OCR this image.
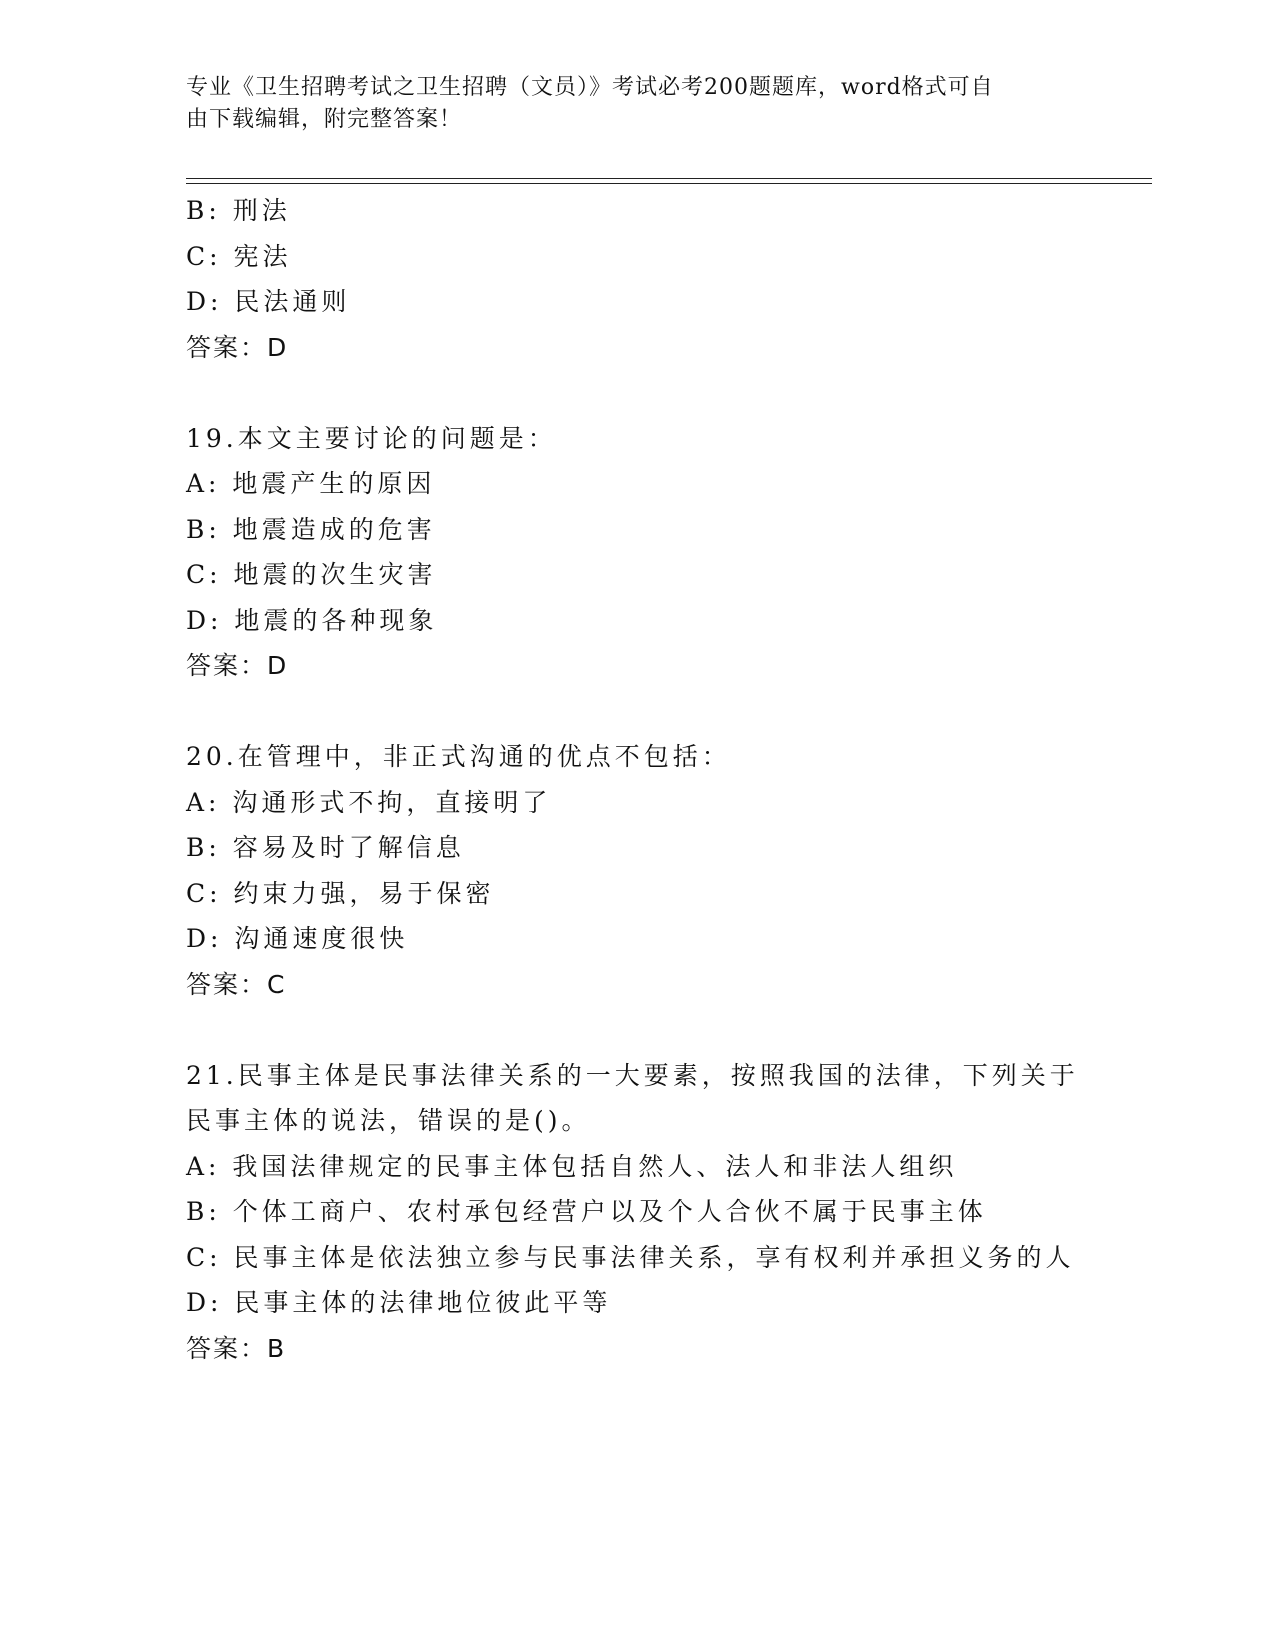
专业《卫生招聘考试之卫生招聘（文员）》考试必考200题题库，word格式可自
由下载编辑，附完整答案！
B: 刑法
C: 宪法
D: 民法通则
答案：D
19.本文主要讨论的问题是：
A: 地震产生的原因
B: 地震造成的危害
C: 地震的次生灾害
D: 地震的各种现象
答案：D
20.在管理中，非正式沟通的优点不包括：
A: 沟通形式不拘，直接明了
B: 容易及时了解信息
C: 约束力强，易于保密
D: 沟通速度很快
答案：C
21.民事主体是民事法律关系的一大要素，按照我国的法律，下列关于
民事主体的说法，错误的是()。
A: 我国法律规定的民事主体包括自然人、法人和非法人组织
B: 个体工商户、农村承包经营户以及个人合伙不属于民事主体
C: 民事主体是依法独立参与民事法律关系，享有权利并承担义务的人
D: 民事主体的法律地位彼此平等
答案：B
